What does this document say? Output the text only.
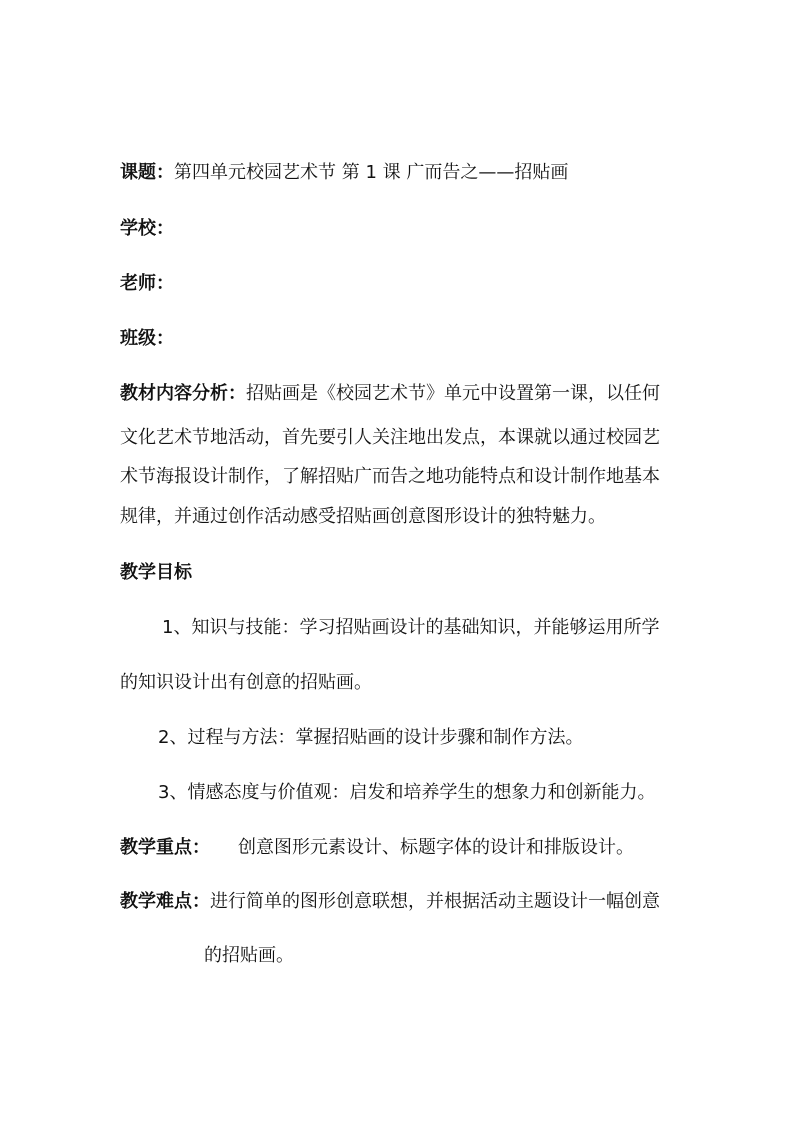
课题：第四单元校园艺术节 第 1 课 广而告之——招贴画
学校：
老师：
班级：
教材内容分析：招贴画是《校园艺术节》单元中设置第一课，以任何
文化艺术节地活动，首先要引人关注地出发点，本课就以通过校园艺
术节海报设计制作，了解招贴广而告之地功能特点和设计制作地基本
规律，并通过创作活动感受招贴画创意图形设计的独特魅力。
教学目标
1、知识与技能：学习招贴画设计的基础知识，并能够运用所学
的知识设计出有创意的招贴画。
2、过程与方法：掌握招贴画的设计步骤和制作方法。
3、情感态度与价值观：启发和培养学生的想象力和创新能力。
教学重点： 创意图形元素设计、标题字体的设计和排版设计。
教学难点：进行简单的图形创意联想，并根据活动主题设计一幅创意
的招贴画。
